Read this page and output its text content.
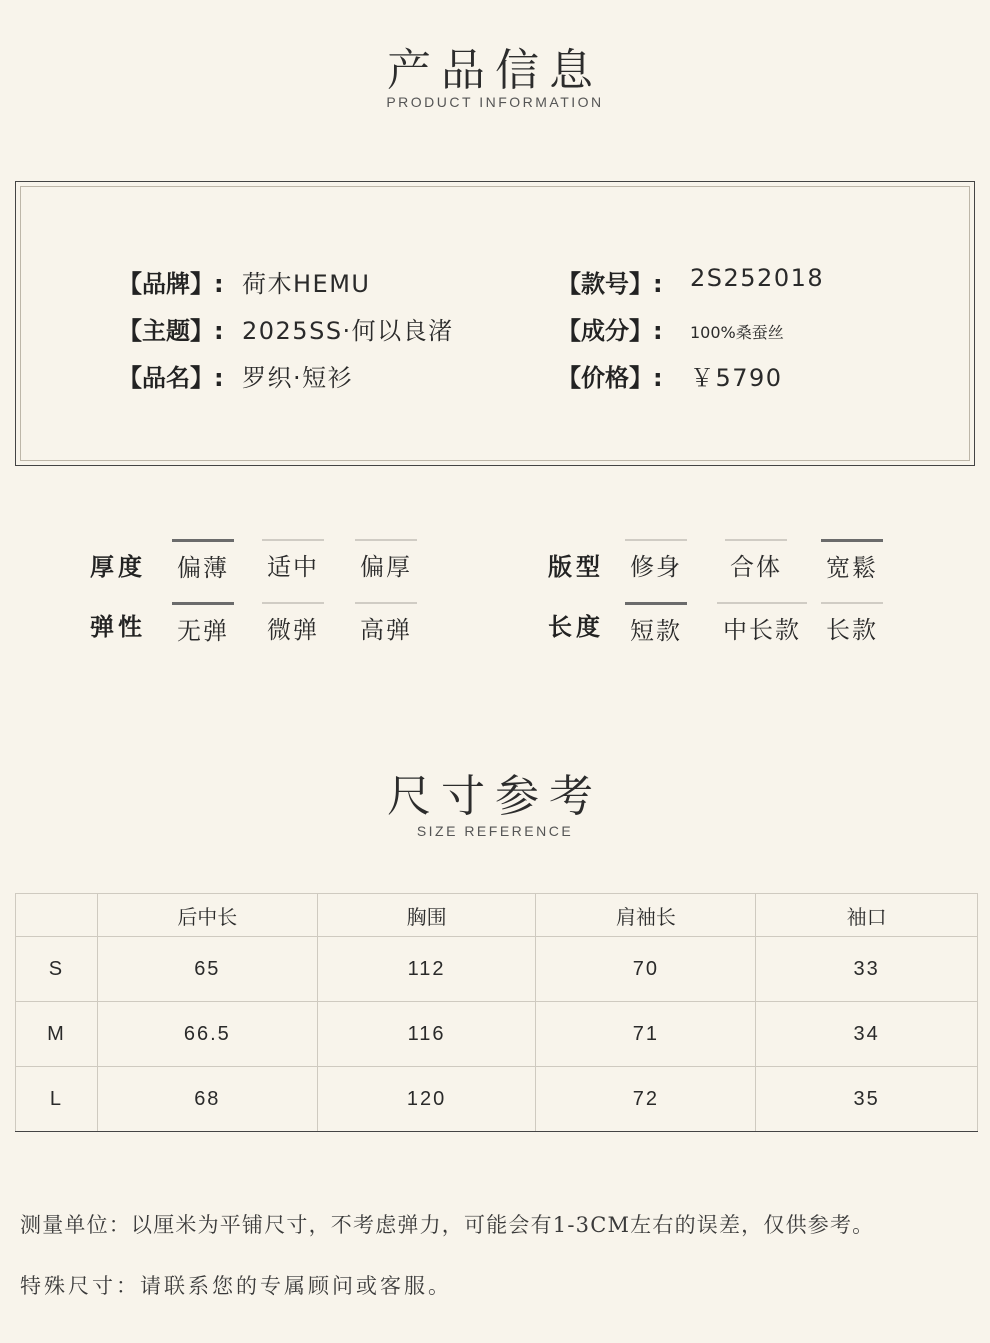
产品信息
PRODUCT INFORMATION
【品牌】: 荷木HEMU
【主题】: 2025SS·何以良渚
【品名】: 罗织·短衫
【款号】: 2S252018
【成分】: 100%桑蚕丝
【价格】: ￥5790
厚度 偏薄 适中 偏厚
弹性 无弹 微弹 高弹
版型 修身 合体 宽鬆
长度 短款 中长款 长款
尺寸参考
SIZE REFERENCE
	后中长	胸围	肩袖长	袖口
S	65	112	70	33
M	66.5	116	71	34
L	68	120	72	35
测量单位：以厘米为平铺尺寸，不考虑弹力，可能会有1-3CM左右的误差，仅供参考。
特殊尺寸：请联系您的专属顾问或客服。
